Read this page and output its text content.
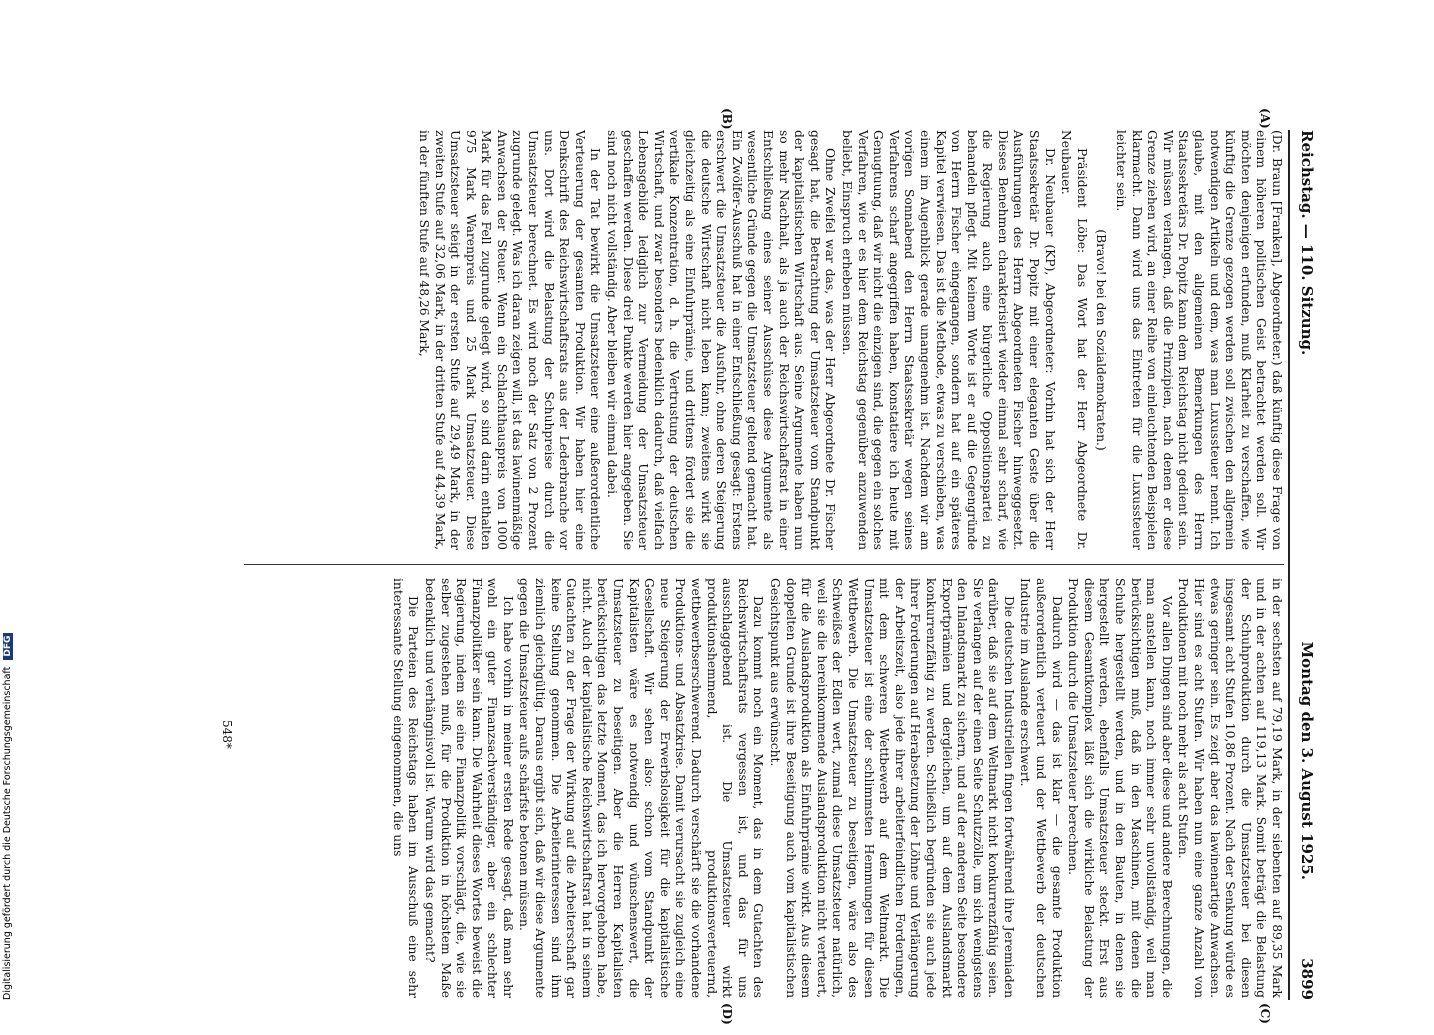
Reichstag. — 110. Sitzung.
Montag den 3. August 1925.
3899
(A)
(B)
(C)
(D)

(Dr. Braun [Franken], Abgeordneter.) daß künftig diese Frage von einem höheren politischen Geist betrachtet werden soll. Wir möchten denjenigen erfunden, muß Klarheit zu verschaffen, wie künftig die Grenze gezogen werden soll zwischen den allgemein notwendigen Artikeln und dem, was man Luxussteuer nennt. Ich glaube, mit den allgemeinen Bemerkungen des Herrn Staatssekretärs Dr. Popitz kann dem Reichstag nicht gedient sein. Wir müssen verlangen, daß die Prinzipien, nach denen er diese Grenze ziehen wird, an einer Reihe von einleuchtenden Beispielen klarmacht. Dann wird uns das Eintreten für die Luxussteuer leichter sein.

(Bravo! bei den Sozialdemokraten.)

Präsident Löbe: Das Wort hat der Herr Abgeordnete Dr. Neubauer.

Dr. Neubauer (KP), Abgeordneter: Vorhin hat sich der Herr Staatssekretär Dr. Popitz mit einer eleganten Geste über die Ausführungen des Herrn Abgeordneten Fischer hinweggesetzt. Dieses Benehmen charakterisiert wieder einmal sehr scharf, wie die Regierung auch eine bürgerliche Oppositionspartei zu behandeln pflegt. Mit keinem Worte ist er auf die Gegengründe von Herrn Fischer eingegangen, sondern hat auf ein späteres Kapitel verwiesen. Das ist die Methode, etwas zu verschieben, was einem im Augenblick gerade unangenehm ist. Nachdem wir am vorigen Sonnabend den Herrn Staatssekretär wegen seines Verfahrens scharf angegriffen haben, konstatiere ich heute mit Genugtuung, daß wir nicht die einzigen sind, die gegen ein solches Verfahren, wie er es hier dem Reichstag gegenüber anzuwenden beliebt, Einspruch erheben müssen.

Ohne Zweifel war das, was der Herr Abgeordnete Dr. Fischer gesagt hat, die Betrachtung der Umsatzsteuer vom Standpunkt der kapitalistischen Wirtschaft aus. Seine Argumente haben nun so mehr Nachhalt, als ja auch der Reichswirtschaftsrat in einer Entschließung eines seiner Ausschüsse diese Argumente als wesentliche Gründe gegen die Umsatzsteuer geltend gemacht hat. Ein Zwölfer-Ausschuß hat in einer Entschließung gesagt: Erstens erschwert die Umsatzsteuer die Ausfuhr, ohne deren Steigerung die deutsche Wirtschaft nicht leben kann; zweitens wirkt sie gleichzeitig als eine Einfuhrprämie, und drittens fördert sie die vertikale Konzentration, d. h. die Vertrustung der deutschen Wirtschaft, und zwar besonders bedenklich dadurch, daß vielfach Lebensgebilde lediglich zur Vermeidung der Umsatzsteuer geschaffen werden. Diese drei Punkte werden hier angegeben. Sie sind noch nicht vollständig. Aber bleiben wir einmal dabei.

In der Tat bewirkt die Umsatzsteuer eine außerordentliche Verteuerung der gesamten Produktion. Wir haben hier eine Denkschrift des Reichswirtschaftsrats aus der Lederbranche vor uns. Dort wird die Belastung der Schuhpreise durch die Umsatzsteuer berechnet. Es wird noch der Satz von 2 Prozent zugrunde gelegt. Was ich daran zeigen will, ist das lawinenmäßige Anwachsen der Steuer. Wenn ein Schlachthauspreis von 1000 Mark für das Fell zugrunde gelegt wird, so sind darin enthalten 975 Mark Warenpreis und 25 Mark Umsatzsteuer. Diese Umsatzsteuer steigt in der ersten Stufe auf 29,49 Mark, in der zweiten Stufe auf 32,06 Mark, in der dritten Stufe auf 44,39 Mark, in der fünften Stufe auf 48,26 Mark,

in der sechsten auf 79,19 Mark, in der siebenten auf 89,35 Mark und in der achten auf 119,13 Mark. Somit beträgt die Belastung der Schuhproduktion durch die Umsatzsteuer bei diesen insgesamt acht Stufen 10,86 Prozent. Nach der Senkung würde es etwas geringer sein. Es zeigt aber das lawinenartige Anwachsen. Hier sind es acht Stufen. Wir haben nun eine ganze Anzahl von Produktionen mit noch mehr als acht Stufen.

Vor allen Dingen sind aber diese und andere Berechnungen, die man anstellen kann, noch immer sehr unvollständig, weil man berücksichtigen muß, daß in den Maschinen, mit denen die Schuhe hergestellt werden, und in den Bauten, in denen sie hergestellt werden, ebenfalls Umsatzsteuer steckt. Erst aus diesem Gesamtkomplex läßt sich die wirkliche Belastung der Produktion durch die Umsatzsteuer berechnen.

Dadurch wird — das ist klar — die gesamte Produktion außerordentlich verteuert und der Wettbewerb der deutschen Industrie im Auslande erschwert.

Die deutschen Industriellen fingen fortwährend ihre Jeremiaden darüber, daß sie auf dem Weltmarkt nicht konkurrenzfähig seien. Sie verlangen auf der einen Seite Schutzzölle, um sich wenigstens den Inlandsmarkt zu sichern, und auf der anderen Seite besondere Exportprämien und dergleichen, um auf dem Auslandsmarkt konkurrenzfähig zu werden. Schließlich begründen sie auch jede ihrer Forderungen auf Herabsetzung der Löhne und Verlängerung der Arbeitszeit, also jede ihrer arbeiterfeindlichen Forderungen, mit dem schweren Wettbewerb auf dem Weltmarkt. Die Umsatzsteuer ist eine der schlimmsten Hemmungen für diesen Wettbewerb. Die Umsatzsteuer zu beseitigen, wäre also des Schweißes der Edlen wert, zumal diese Umsatzsteuer natürlich, weil sie die hereinkommende Auslandsproduktion nicht verteuert, für die Auslandsproduktion als Einfuhrprämie wirkt. Aus diesem doppelten Grunde ist ihre Beseitigung auch vom kapitalistischen Gesichtspunkt aus erwünscht.

Dazu kommt noch ein Moment, das in dem Gutachten des Reichswirtschaftsrats vergessen ist, und das für uns ausschlaggebend ist. Die Umsatzsteuer wirkt produktionshemmend, produktionsverteuernd, wettbewerbserschwerend. Dadurch verschärft sie die vorhandene Produktions- und Absatzkrise. Damit verursacht sie zugleich eine neue Steigerung der Erwerbslosigkeit für die kapitalistische Gesellschaft. Wir sehen also: schon vom Standpunkt der Kapitalisten wäre es notwendig und wünschenswert, die Umsatzsteuer zu beseitigen. Aber die Herren Kapitalisten berücksichtigen das letzte Moment, das ich hervorgehoben habe, nicht. Auch der kapitalistische Reichswirtschaftsrat hat in seinem Gutachten zu der Frage der Wirkung auf die Arbeiterschaft gar keine Stellung genommen. Die Arbeiterinteressen sind ihm ziemlich gleichgültig. Daraus ergibt sich, daß wir diese Argumente gegen die Umsatzsteuer aufs schärfste betonen müssen.

Ich habe vorhin in meiner ersten Rede gesagt, daß man sehr wohl ein guter Finanzsachverständiger, aber ein schlechter Finanzpolitiker sein kann. Die Wahrheit dieses Wortes beweist die Regierung, indem sie eine Finanzpolitik vorschlägt, die, wie sie selber zugestehen muß, für die Produktion in höchstem Maße bedenklich und verhängnisvoll ist. Warum wird das gemacht?

Die Parteien des Reichstags haben im Ausschuß eine sehr interessante Stellung eingenommen, die uns

548*
Digitalisierung gefördert durch die Deutsche Forschungsgemeinschaft DFG
